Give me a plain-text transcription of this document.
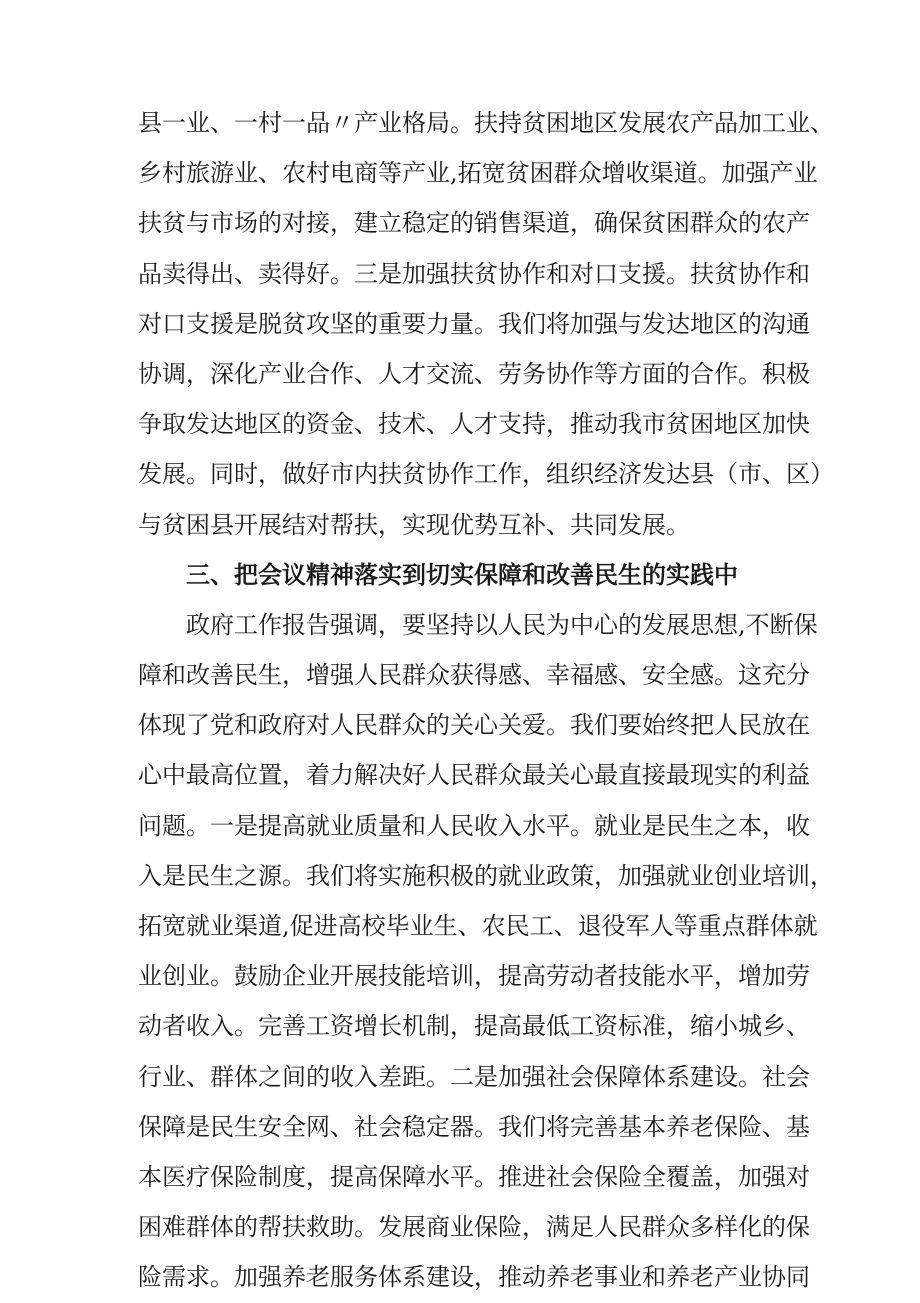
县一业、一村一品〃产业格局。扶持贫困地区发展农产品加工业、
乡村旅游业、农村电商等产业,拓宽贫困群众增收渠道。加强产业
扶贫与市场的对接，建立稳定的销售渠道，确保贫困群众的农产
品卖得出、卖得好。三是加强扶贫协作和对口支援。扶贫协作和
对口支援是脱贫攻坚的重要力量。我们将加强与发达地区的沟通
协调，深化产业合作、人才交流、劳务协作等方面的合作。积极
争取发达地区的资金、技术、人才支持，推动我市贫困地区加快
发展。同时，做好市内扶贫协作工作，组织经济发达县（市、区）
与贫困县开展结对帮扶，实现优势互补、共同发展。
三、把会议精神落实到切实保障和改善民生的实践中
政府工作报告强调，要坚持以人民为中心的发展思想,不断保
障和改善民生，增强人民群众获得感、幸福感、安全感。这充分
体现了党和政府对人民群众的关心关爱。我们要始终把人民放在
心中最高位置，着力解决好人民群众最关心最直接最现实的利益
问题。一是提高就业质量和人民收入水平。就业是民生之本，收
入是民生之源。我们将实施积极的就业政策，加强就业创业培训，
拓宽就业渠道,促进高校毕业生、农民工、退役军人等重点群体就
业创业。鼓励企业开展技能培训，提高劳动者技能水平，增加劳
动者收入。完善工资增长机制，提高最低工资标准，缩小城乡、
行业、群体之间的收入差距。二是加强社会保障体系建设。社会
保障是民生安全网、社会稳定器。我们将完善基本养老保险、基
本医疗保险制度，提高保障水平。推进社会保险全覆盖，加强对
困难群体的帮扶救助。发展商业保险，满足人民群众多样化的保
险需求。加强养老服务体系建设，推动养老事业和养老产业协同
